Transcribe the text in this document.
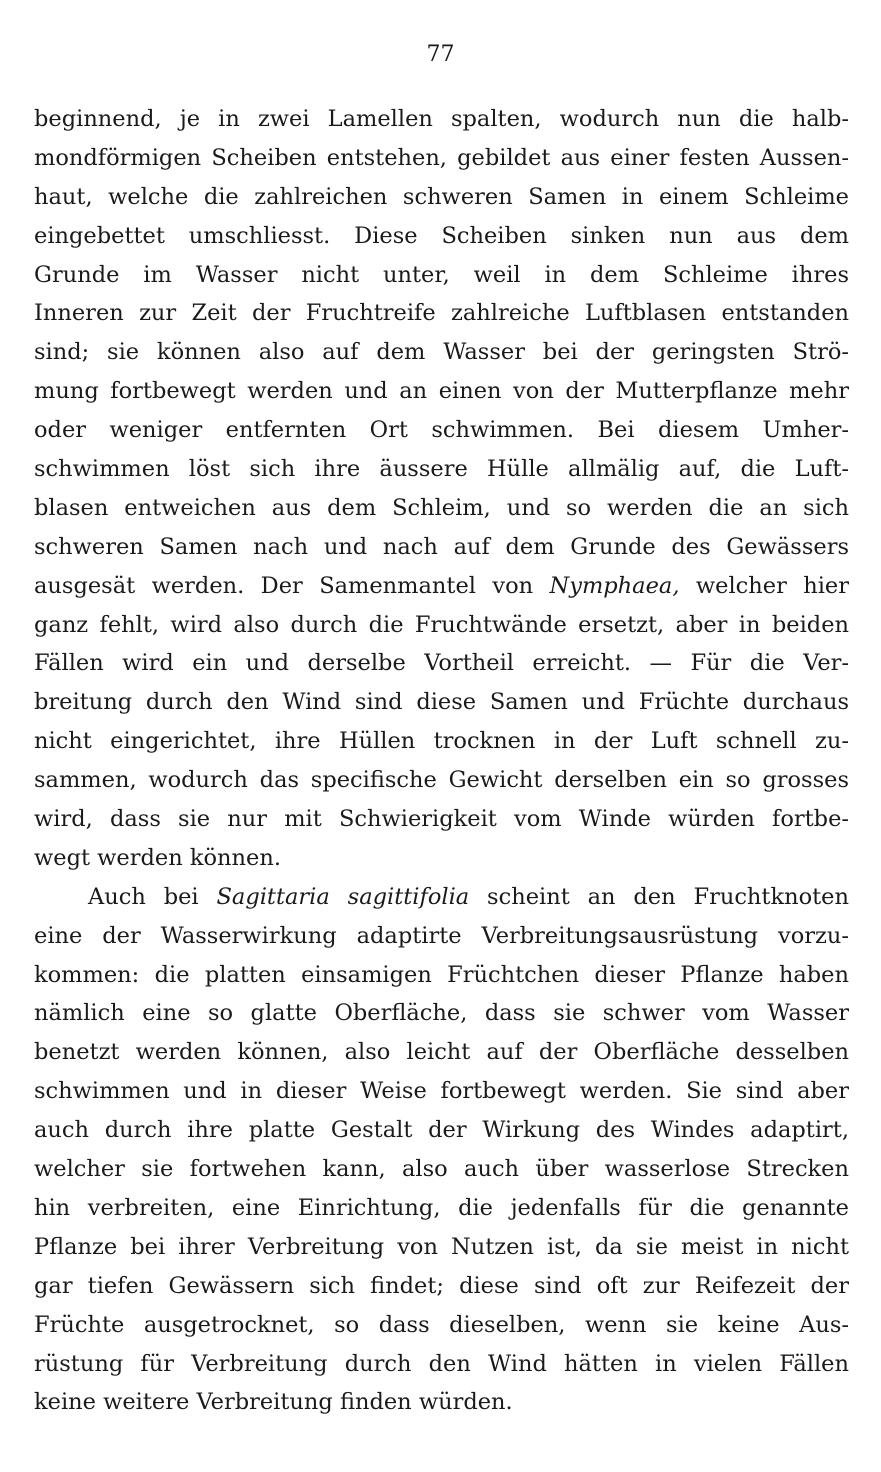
77

beginnend, je in zwei Lamellen spalten, wodurch nun die halb-
mondförmigen Scheiben entstehen, gebildet aus einer festen Aussen-
haut, welche die zahlreichen schweren Samen in einem Schleime
eingebettet umschliesst. Diese Scheiben sinken nun aus dem
Grunde im Wasser nicht unter, weil in dem Schleime ihres
Inneren zur Zeit der Fruchtreife zahlreiche Luftblasen entstanden
sind; sie können also auf dem Wasser bei der geringsten Strö-
mung fortbewegt werden und an einen von der Mutterpflanze mehr
oder weniger entfernten Ort schwimmen. Bei diesem Umher-
schwimmen löst sich ihre äussere Hülle allmälig auf, die Luft-
blasen entweichen aus dem Schleim, und so werden die an sich
schweren Samen nach und nach auf dem Grunde des Gewässers
ausgesät werden. Der Samenmantel von Nymphaea, welcher hier
ganz fehlt, wird also durch die Fruchtwände ersetzt, aber in beiden
Fällen wird ein und derselbe Vortheil erreicht. — Für die Ver-
breitung durch den Wind sind diese Samen und Früchte durchaus
nicht eingerichtet, ihre Hüllen trocknen in der Luft schnell zu-
sammen, wodurch das specifische Gewicht derselben ein so grosses
wird, dass sie nur mit Schwierigkeit vom Winde würden fortbe-
wegt werden können.
Auch bei Sagittaria sagittifolia scheint an den Fruchtknoten
eine der Wasserwirkung adaptirte Verbreitungsausrüstung vorzu-
kommen: die platten einsamigen Früchtchen dieser Pflanze haben
nämlich eine so glatte Oberfläche, dass sie schwer vom Wasser
benetzt werden können, also leicht auf der Oberfläche desselben
schwimmen und in dieser Weise fortbewegt werden. Sie sind aber
auch durch ihre platte Gestalt der Wirkung des Windes adaptirt,
welcher sie fortwehen kann, also auch über wasserlose Strecken
hin verbreiten, eine Einrichtung, die jedenfalls für die genannte
Pflanze bei ihrer Verbreitung von Nutzen ist, da sie meist in nicht
gar tiefen Gewässern sich findet; diese sind oft zur Reifezeit der
Früchte ausgetrocknet, so dass dieselben, wenn sie keine Aus-
rüstung für Verbreitung durch den Wind hätten in vielen Fällen
keine weitere Verbreitung finden würden.
